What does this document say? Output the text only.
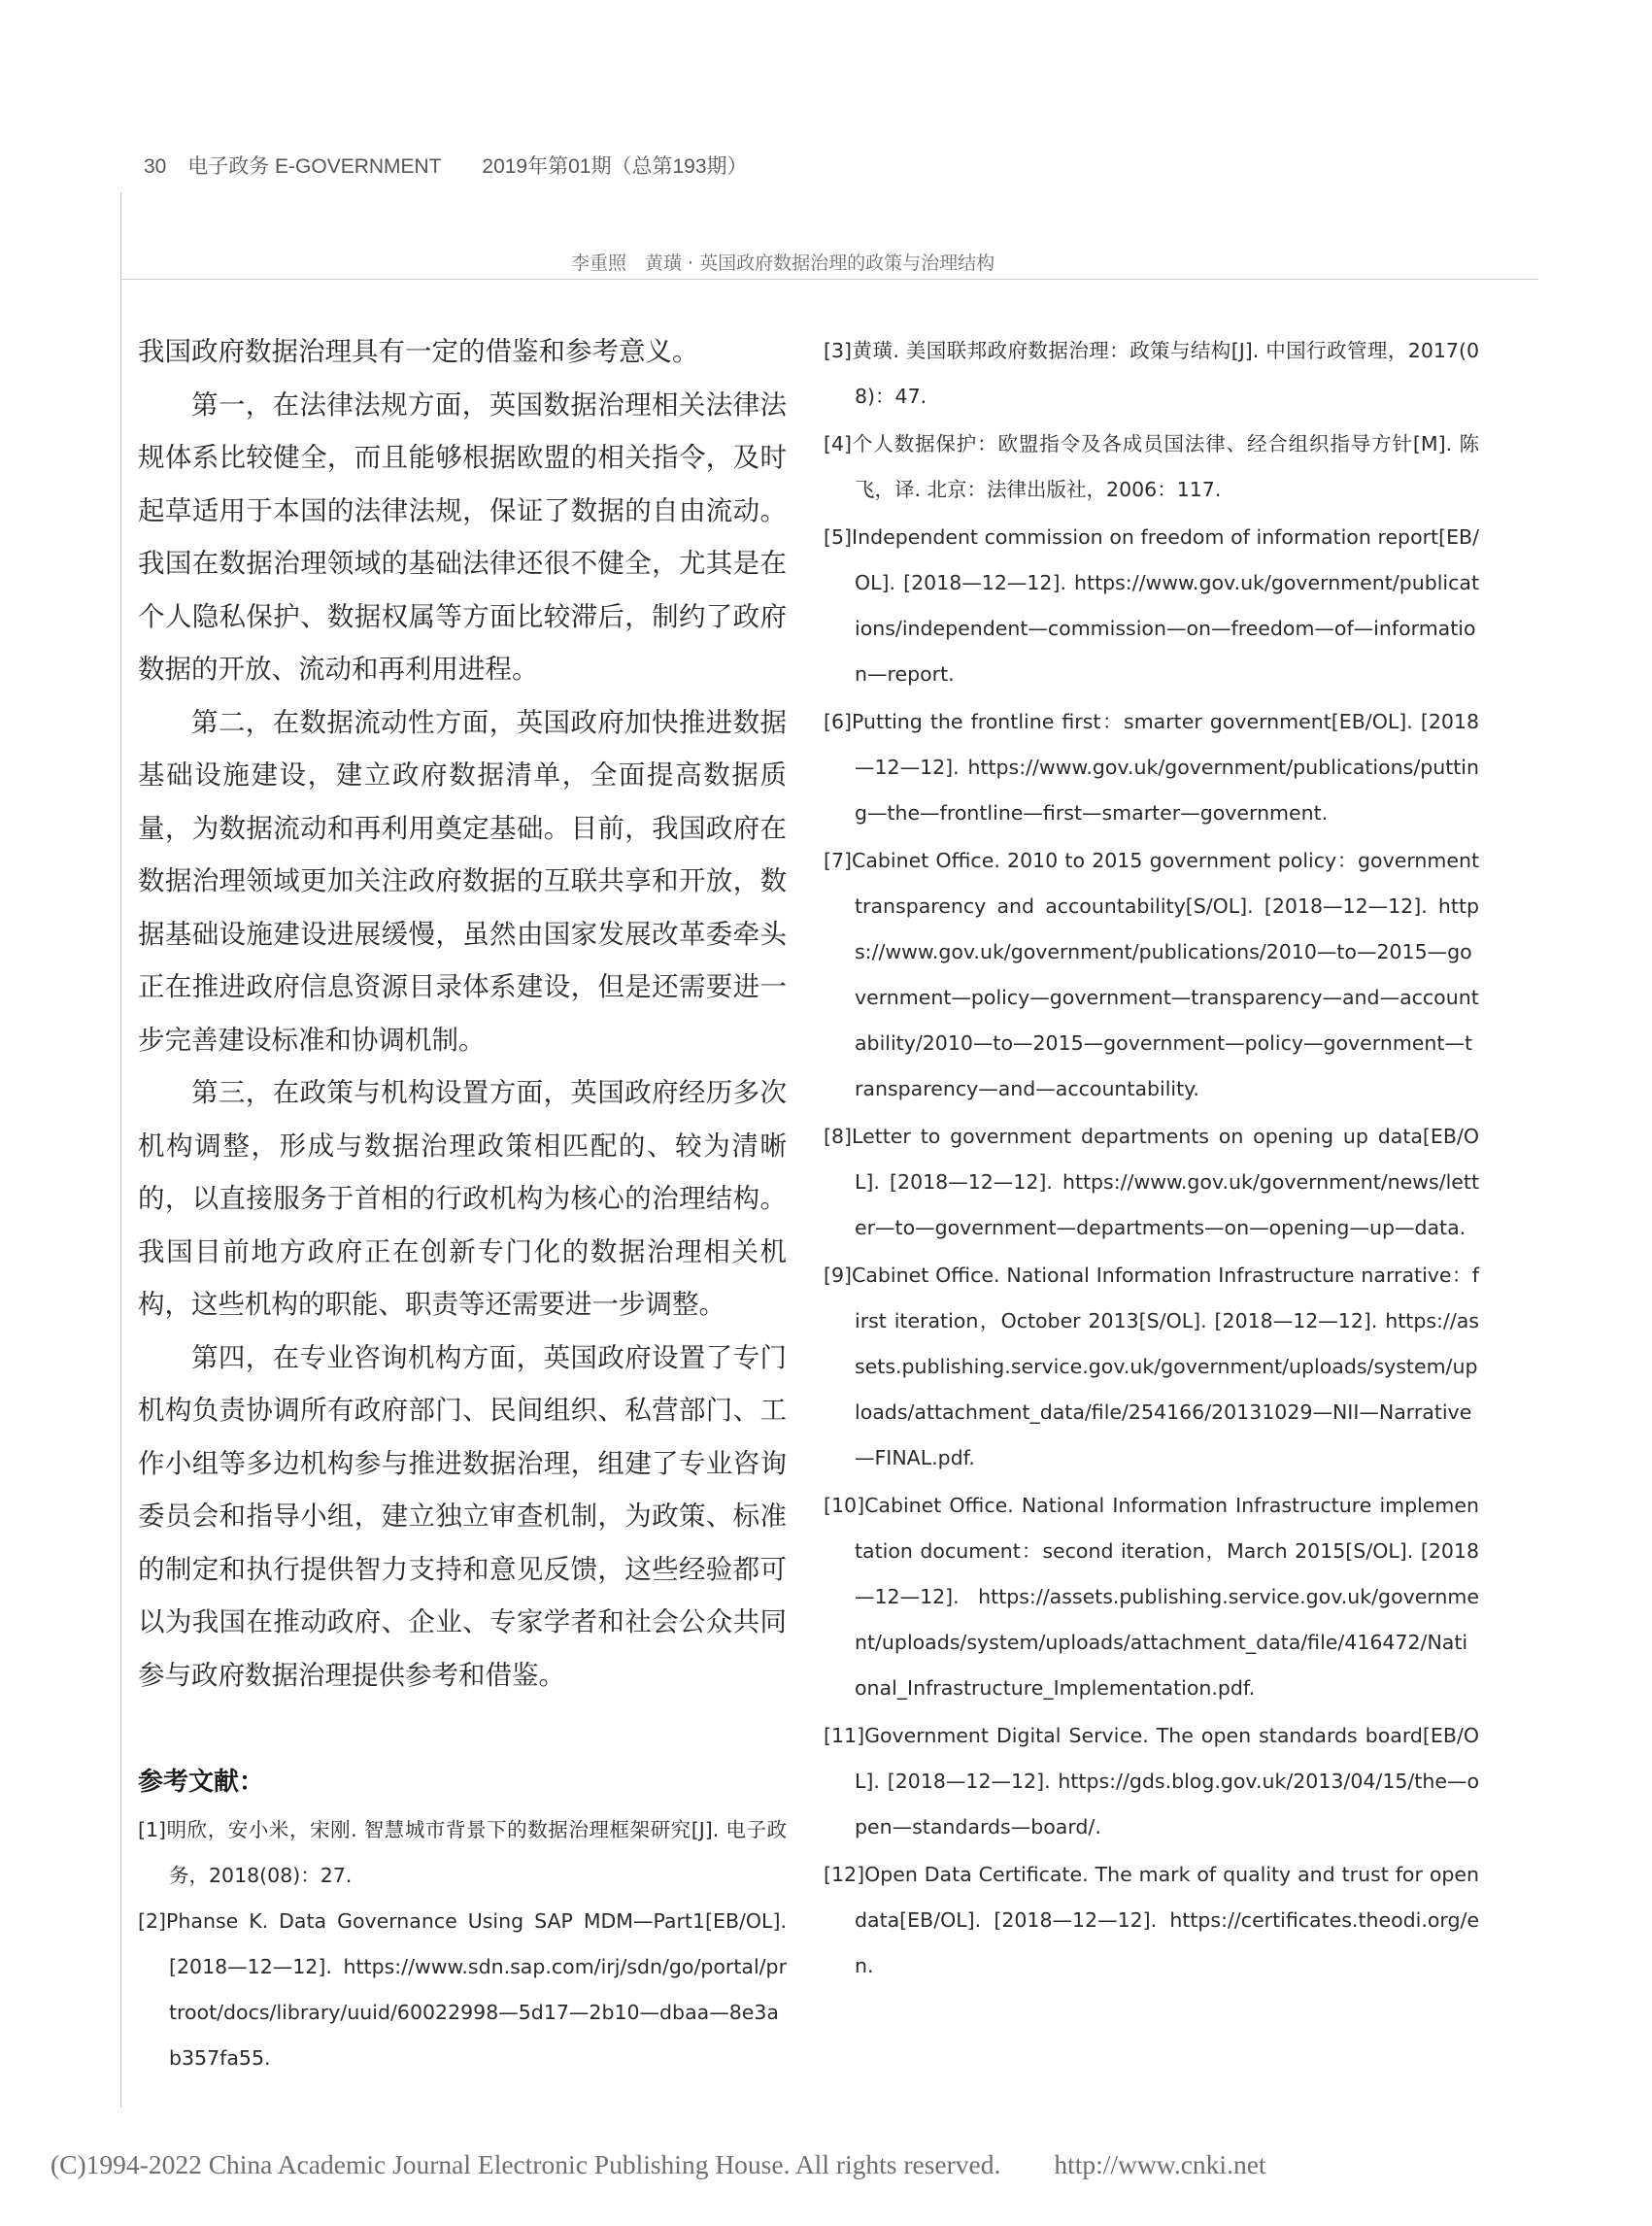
30 电子政务 E-GOVERNMENT 2019年第01期（总第193期）
李重照　黄璜 · 英国政府数据治理的政策与治理结构

我国政府数据治理具有一定的借鉴和参考意义。

第一，在法律法规方面，英国数据治理相关法律法规体系比较健全，而且能够根据欧盟的相关指令，及时起草适用于本国的法律法规，保证了数据的自由流动。我国在数据治理领域的基础法律还很不健全，尤其是在个人隐私保护、数据权属等方面比较滞后，制约了政府数据的开放、流动和再利用进程。

第二，在数据流动性方面，英国政府加快推进数据基础设施建设，建立政府数据清单，全面提高数据质量，为数据流动和再利用奠定基础。目前，我国政府在数据治理领域更加关注政府数据的互联共享和开放，数据基础设施建设进展缓慢，虽然由国家发展改革委牵头正在推进政府信息资源目录体系建设，但是还需要进一步完善建设标准和协调机制。

第三，在政策与机构设置方面，英国政府经历多次机构调整，形成与数据治理政策相匹配的、较为清晰的，以直接服务于首相的行政机构为核心的治理结构。我国目前地方政府正在创新专门化的数据治理相关机构，这些机构的职能、职责等还需要进一步调整。

第四，在专业咨询机构方面，英国政府设置了专门机构负责协调所有政府部门、民间组织、私营部门、工作小组等多边机构参与推进数据治理，组建了专业咨询委员会和指导小组，建立独立审查机制，为政策、标准的制定和执行提供智力支持和意见反馈，这些经验都可以为我国在推动政府、企业、专家学者和社会公众共同参与政府数据治理提供参考和借鉴。

参考文献：

[1]明欣，安小米，宋刚. 智慧城市背景下的数据治理框架研究[J]. 电子政务，2018(08)：27.

[2]Phanse K. Data Governance Using SAP MDM—Part1[EB/OL]. [2018—12—12]. https://www.sdn.sap.com/irj/sdn/go/portal/prtroot/docs/library/uuid/60022998—5d17—2b10—dbaa—8e3ab357fa55.

[3]黄璜. 美国联邦政府数据治理：政策与结构[J]. 中国行政管理，2017(08)：47.

[4]个人数据保护：欧盟指令及各成员国法律、经合组织指导方针[M]. 陈飞，译. 北京：法律出版社，2006：117.

[5]Independent commission on freedom of information report[EB/OL]. [2018—12—12]. https://www.gov.uk/government/publications/independent—commission—on—freedom—of—information—report.

[6]Putting the frontline first：smarter government[EB/OL]. [2018—12—12]. https://www.gov.uk/government/publications/putting—the—frontline—first—smarter—government.

[7]Cabinet Office. 2010 to 2015 government policy：government transparency and accountability[S/OL]. [2018—12—12]. https://www.gov.uk/government/publications/2010—to—2015—government—policy—government—transparency—and—accountability/2010—to—2015—government—policy—government—transparency—and—accountability.

[8]Letter to government departments on opening up data[EB/OL]. [2018—12—12]. https://www.gov.uk/government/news/letter—to—government—departments—on—opening—up—data.

[9]Cabinet Office. National Information Infrastructure narrative：first iteration，October 2013[S/OL]. [2018—12—12]. https://assets.publishing.service.gov.uk/government/uploads/system/uploads/attachment_data/file/254166/20131029—NII—Narrative—FINAL.pdf.

[10]Cabinet Office. National Information Infrastructure implementation document：second iteration，March 2015[S/OL]. [2018—12—12]. https://assets.publishing.service.gov.uk/government/uploads/system/uploads/attachment_data/file/416472/National_Infrastructure_Implementation.pdf.

[11]Government Digital Service. The open standards board[EB/OL]. [2018—12—12]. https://gds.blog.gov.uk/2013/04/15/the—open—standards—board/.

[12]Open Data Certificate. The mark of quality and trust for open data[EB/OL]. [2018—12—12]. https://certificates.theodi.org/en.

(C)1994-2022 China Academic Journal Electronic Publishing House. All rights reserved.　　http://www.cnki.net
